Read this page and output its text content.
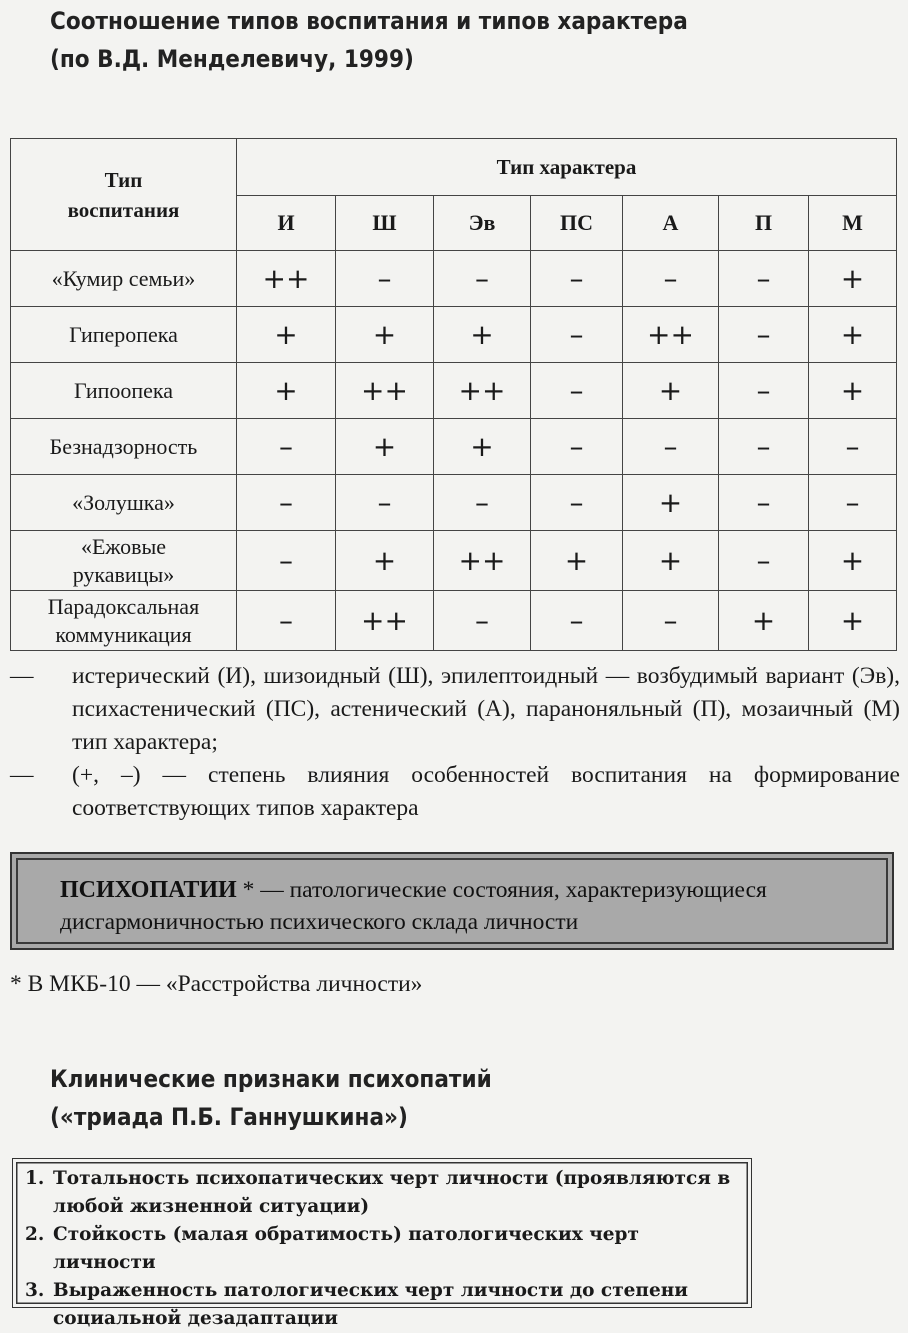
Соотношение типов воспитания и типов характера
(по В.Д. Менделевичу, 1999)
Тип воспитания	Тип характера						
	И	Ш	Эв	ПС	А	П	М
«Кумир семьи»	++	–	–	–	–	–	+
Гиперопека	+	+	+	–	++	–	+
Гипоопека	+	++	++	–	+	–	+
Безнадзорность	–	+	+	–	–	–	–
«Золушка»	–	–	–	–	+	–	–
«Ежовые рукавицы»	–	+	++	+	+	–	+
Парадоксальная коммуникация	–	++	–	–	–	+	+
— истерический (И), шизоидный (Ш), эпилептоидный — возбудимый вариант (Эв), психастенический (ПС), астенический (А), параноняльный (П), мозаичный (М) тип характера;
— (+, –) — степень влияния особенностей воспитания на формирование соответствующих типов характера
ПСИХОПАТИИ * — патологические состояния, характеризующиеся дисгармоничностью психического склада личности
* В МКБ-10 — «Расстройства личности»
Клинические признаки психопатий
(«триада П.Б. Ганнушкина»)
1. Тотальность психопатических черт личности (проявляются в любой жизненной ситуации)
2. Стойкость (малая обратимость) патологических черт личности
3. Выраженность патологических черт личности до степени социальной дезадаптации
